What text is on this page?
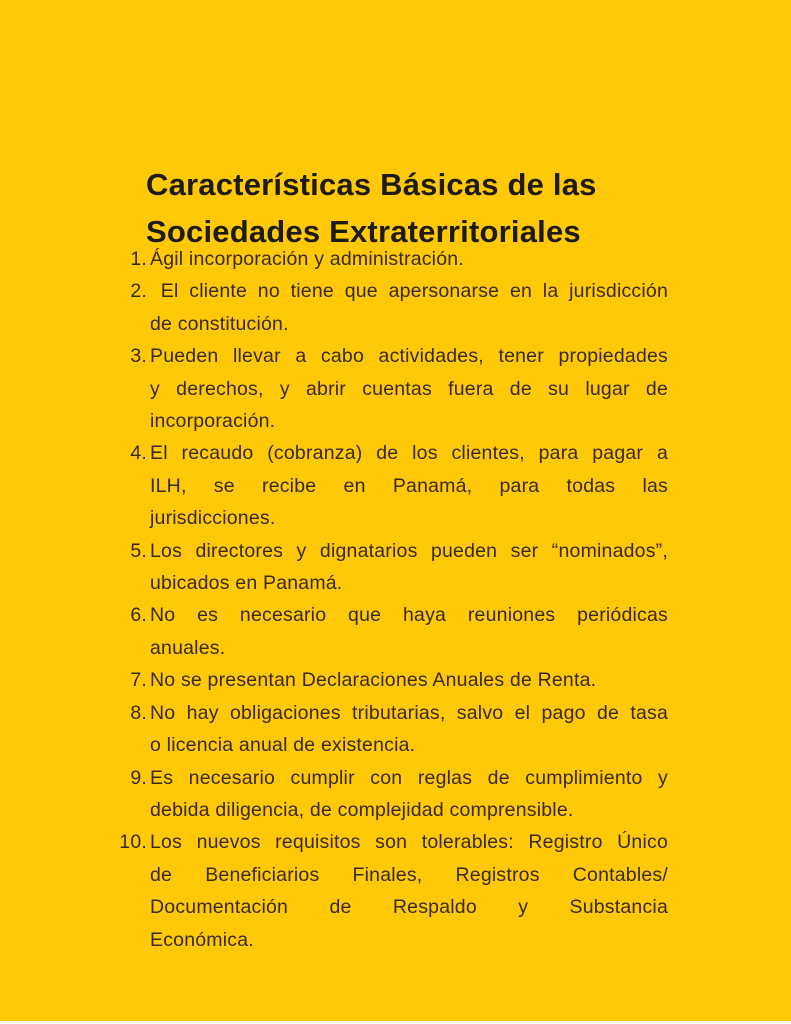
Características Básicas de las Sociedades Extraterritoriales
1. Ágil incorporación y administración.
2. El cliente no tiene que apersonarse en la jurisdicción
de constitución.
3. Pueden llevar a cabo actividades, tener propiedades
y derechos, y abrir cuentas fuera de su lugar de
incorporación.
4. El recaudo (cobranza) de los clientes, para pagar a
ILH, se recibe en Panamá, para todas las
jurisdicciones.
5. Los directores y dignatarios pueden ser “nominados”,
ubicados en Panamá.
6. No es necesario que haya reuniones periódicas
anuales.
7. No se presentan Declaraciones Anuales de Renta.
8. No hay obligaciones tributarias, salvo el pago de tasa
o licencia anual de existencia.
9. Es necesario cumplir con reglas de cumplimiento y
debida diligencia, de complejidad comprensible.
10. Los nuevos requisitos son tolerables: Registro Único
de Beneficiarios Finales, Registros Contables/
Documentación de Respaldo y Substancia
Económica.
